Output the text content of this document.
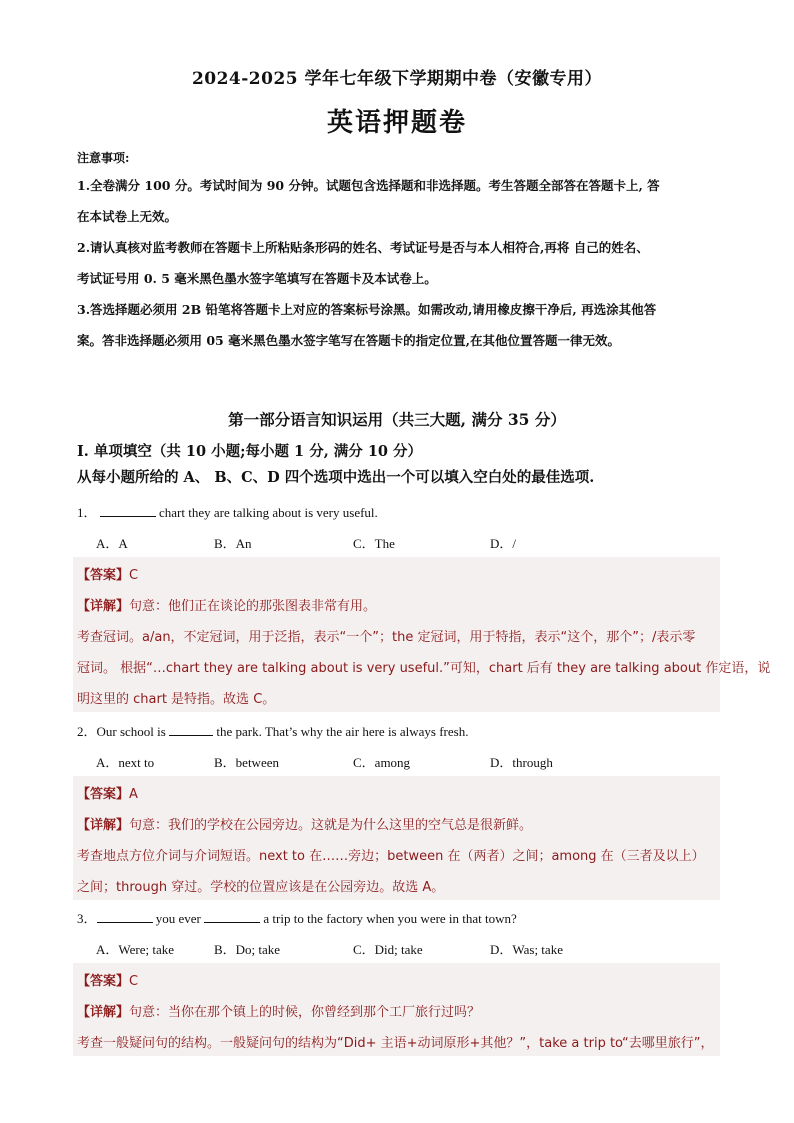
2024-2025 学年七年级下学期期中卷（安徽专用）
英语押题卷

注意事项:

1.全卷满分 100 分。考试时间为 90 分钟。试题包含选择题和非选择题。考生答题全部答在答题卡上, 答

在本试卷上无效。

2.请认真核对监考教师在答题卡上所粘贴条形码的姓名、考试证号是否与本人相符合,再将 自己的姓名、

考试证号用 0. 5 毫米黑色墨水签字笔填写在答题卡及本试卷上。

3.答选择题必须用 2B 铅笔将答题卡上对应的答案标号涂黑。如需改动,请用橡皮擦干净后, 再选涂其他答

案。答非选择题必须用 05 毫米黑色墨水签字笔写在答题卡的指定位置,在其他位置答题一律无效。

第一部分语言知识运用（共三大题, 满分 35 分）
I. 单项填空（共 10 小题;每小题 1 分, 满分 10 分）
从每小题所给的 A、 B、C、D 四个选项中选出一个可以填入空白处的最佳选项.
1．	chart they are talking about is very useful.
A．A	B．An	C．The	D．/
【答案】C
【详解】句意：他们正在谈论的那张图表非常有用。
考查冠词。a/an，不定冠词，用于泛指，表示“一个”；the 定冠词，用于特指，表示“这个，那个”；/表示零
冠词。 根据“…chart they are talking about is very useful.”可知，chart 后有 they are talking about 作定语，说
明这里的 chart 是特指。故选 C。
2．Our school is	the park. That’s why the air here is always fresh.
A．next to	B．between	C．among	D．through
【答案】A
【详解】句意：我们的学校在公园旁边。这就是为什么这里的空气总是很新鲜。
考查地点方位介词与介词短语。next to 在……旁边；between 在（两者）之间；among 在（三者及以上）
之间；through 穿过。学校的位置应该是在公园旁边。故选 A。
3．	you ever	a trip to the factory when you were in that town?
A．Were; take	B．Do; take	C．Did; take	D．Was; take
【答案】C
【详解】句意：当你在那个镇上的时候，你曾经到那个工厂旅行过吗？
考查一般疑问句的结构。一般疑问句的结构为“Did+ 主语+动词原形+其他？”，take a trip to“去哪里旅行”，
